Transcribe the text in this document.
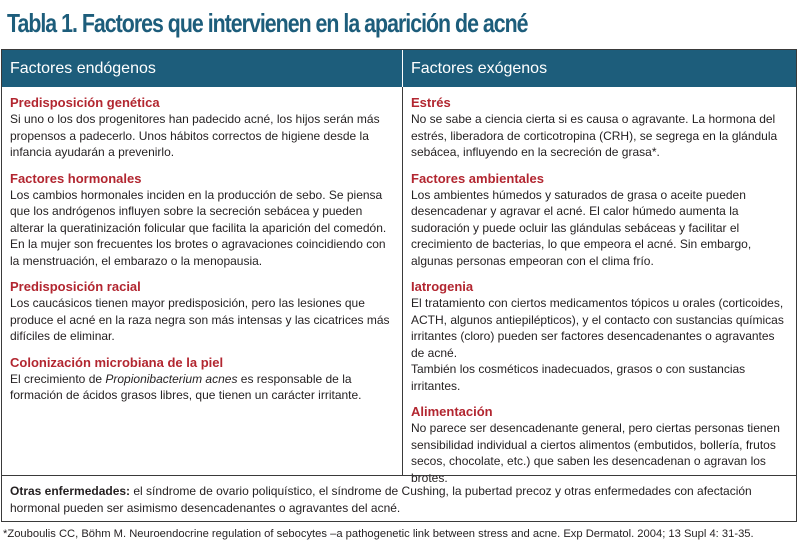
Tabla 1. Factores que intervienen en la aparición de acné
Factores endógenos	Factores exógenos
Predisposición genética

Si uno o los dos progenitores han padecido acné, los hijos serán más propensos a padecerlo. Unos hábitos correctos de higiene desde la infancia ayudarán a prevenirlo.

Factores hormonales

Los cambios hormonales inciden en la producción de sebo. Se piensa que los andrógenos influyen sobre la secreción sebácea y pueden alterar la queratinización folicular que facilita la aparición del comedón.

En la mujer son frecuentes los brotes o agravaciones coincidiendo con la menstruación, el embarazo o la menopausia.

Predisposición racial

Los caucásicos tienen mayor predisposición, pero las lesiones que produce el acné en la raza negra son más intensas y las cicatrices más difíciles de eliminar.

Colonización microbiana de la piel

El crecimiento de Propionibacterium acnes es responsable de la formación de ácidos grasos libres, que tienen un carácter irritante.

Estrés

No se sabe a ciencia cierta si es causa o agravante. La hormona del estrés, liberadora de corticotropina (CRH), se segrega en la glándula sebácea, influyendo en la secreción de grasa*.

Factores ambientales

Los ambientes húmedos y saturados de grasa o aceite pueden desencadenar y agravar el acné. El calor húmedo aumenta la sudoración y puede ocluir las glándulas sebáceas y facilitar el crecimiento de bacterias, lo que empeora el acné. Sin embargo, algunas personas empeoran con el clima frío.

Iatrogenia

El tratamiento con ciertos medicamentos tópicos u orales (corticoides, ACTH, algunos antiepilépticos), y el contacto con sustancias químicas irritantes (cloro) pueden ser factores desencadenantes o agravantes de acné.

También los cosméticos inadecuados, grasos o con sustancias irritantes.

Alimentación

No parece ser desencadenante general, pero ciertas personas tienen sensibilidad individual a ciertos alimentos (embutidos, bollería, frutos secos, chocolate, etc.) que saben les desencadenan o agravan los brotes.

Otras enfermedades: el síndrome de ovario poliquístico, el síndrome de Cushing, la pubertad precoz y otras enfermedades con afectación hormonal pueden ser asimismo desencadenantes o agravantes del acné.
*Zouboulis CC, Böhm M. Neuroendocrine regulation of sebocytes –a pathogenetic link between stress and acne. Exp Dermatol. 2004; 13 Supl 4: 31-35.
